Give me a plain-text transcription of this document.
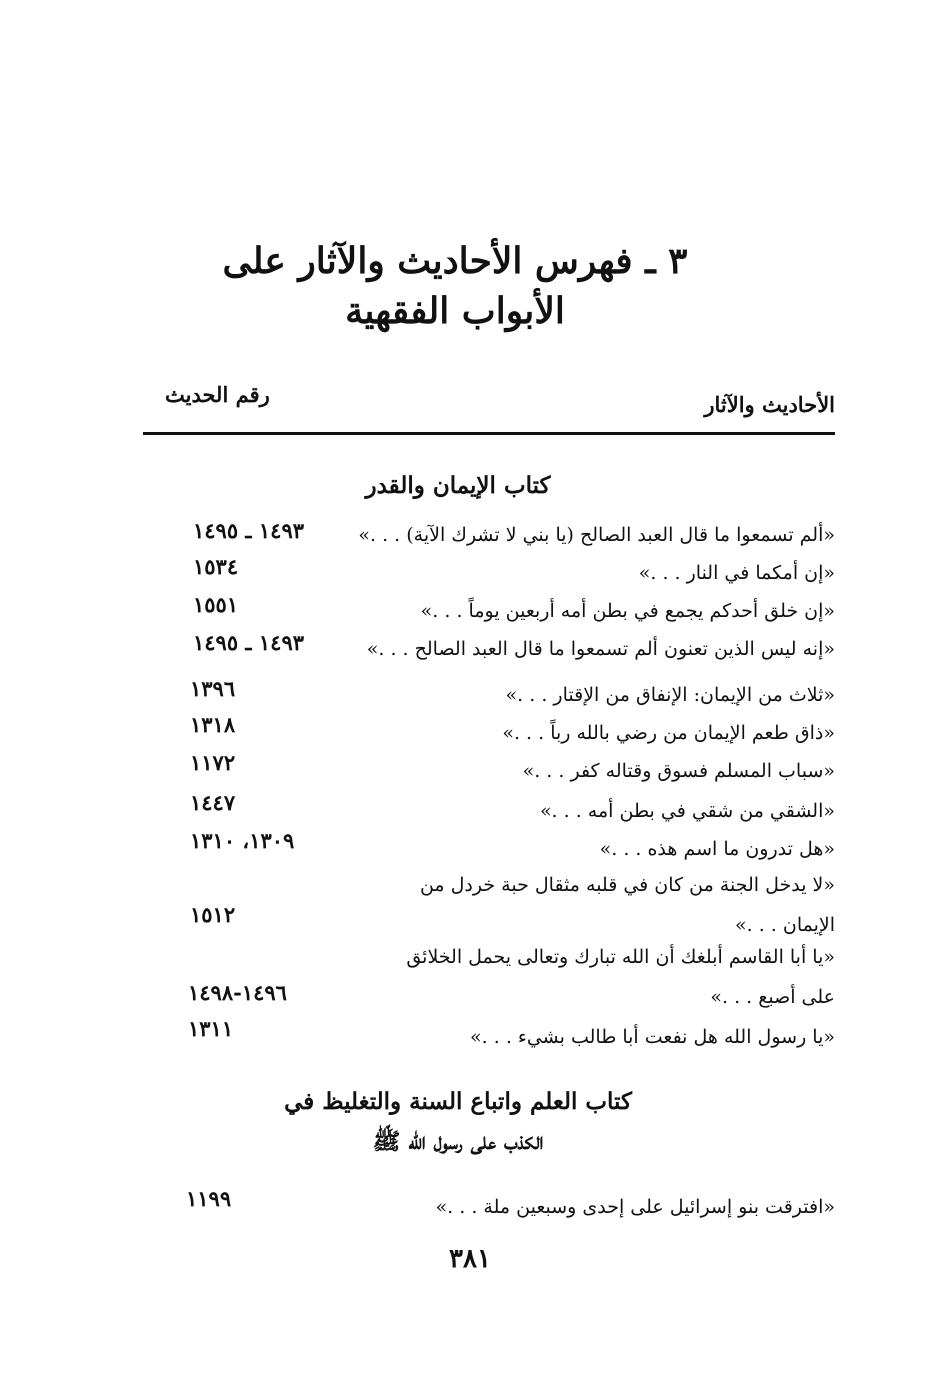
٣ ـ فهرس الأحاديث والآثار على
الأبواب الفقهية
الأحاديث والآثار
رقم الحديث
كتاب الإيمان والقدر
«ألم تسمعوا ما قال العبد الصالح (يا بني لا تشرك الآية) . . .»
١٤٩٣ ـ ١٤٩٥
«إن أمكما في النار . . .»
١٥٣٤
«إن خلق أحدكم يجمع في بطن أمه أربعين يوماً . . .»
١٥٥١
«إنه ليس الذين تعنون ألم تسمعوا ما قال العبد الصالح . . .»
١٤٩٣ ـ ١٤٩٥
«ثلاث من الإيمان: الإنفاق من الإقتار . . .»
١٣٩٦
«ذاق طعم الإيمان من رضي بالله رباً . . .»
١٣١٨
«سباب المسلم فسوق وقتاله كفر . . .»
١١٧٢
«الشقي من شقي في بطن أمه . . .»
١٤٤٧
«هل تدرون ما اسم هذه . . .»
١٣٠٩، ١٣١٠
«لا يدخل الجنة من كان في قلبه مثقال حبة خردل من
الإيمان . . .»
١٥١٢
«يا أبا القاسم أبلغك أن الله تبارك وتعالى يحمل الخلائق
على أصبع . . .»
١٤٩٦-١٤٩٨
«يا رسول الله هل نفعت أبا طالب بشيء . . .»
١٣١١
كتاب العلم واتباع السنة والتغليظ في
الكذب على رسول الله ﷺ
«افترقت بنو إسرائيل على إحدى وسبعين ملة . . .»
١١٩٩
٣٨١
